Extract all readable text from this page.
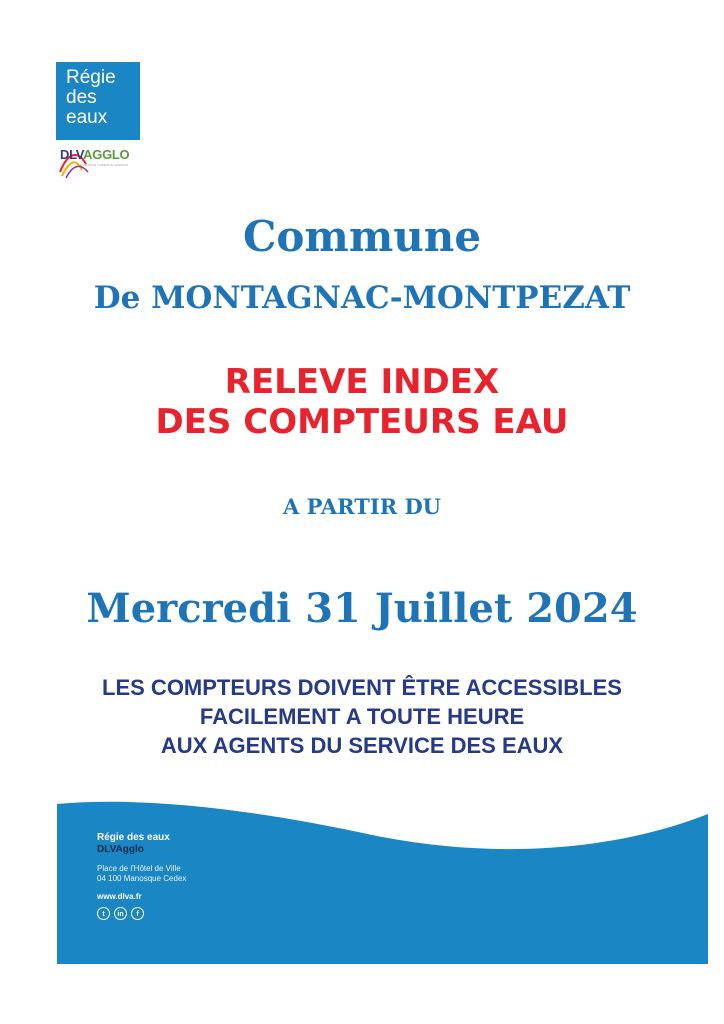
Régie
des
eaux
DLVAGGLO
DURANCE LUBERON VERDON
Commune
De MONTAGNAC-MONTPEZAT
RELEVE INDEX
DES COMPTEURS EAU
A PARTIR DU
Mercredi 31 Juillet 2024
LES COMPTEURS DOIVENT ÊTRE ACCESSIBLES
FACILEMENT A TOUTE HEURE
AUX AGENTS DU SERVICE DES EAUX
Régie des eaux
DLVAgglo
Place de l'Hôtel de Ville
04 100 Manosque Cedex
www.dlva.fr
t	in	f
